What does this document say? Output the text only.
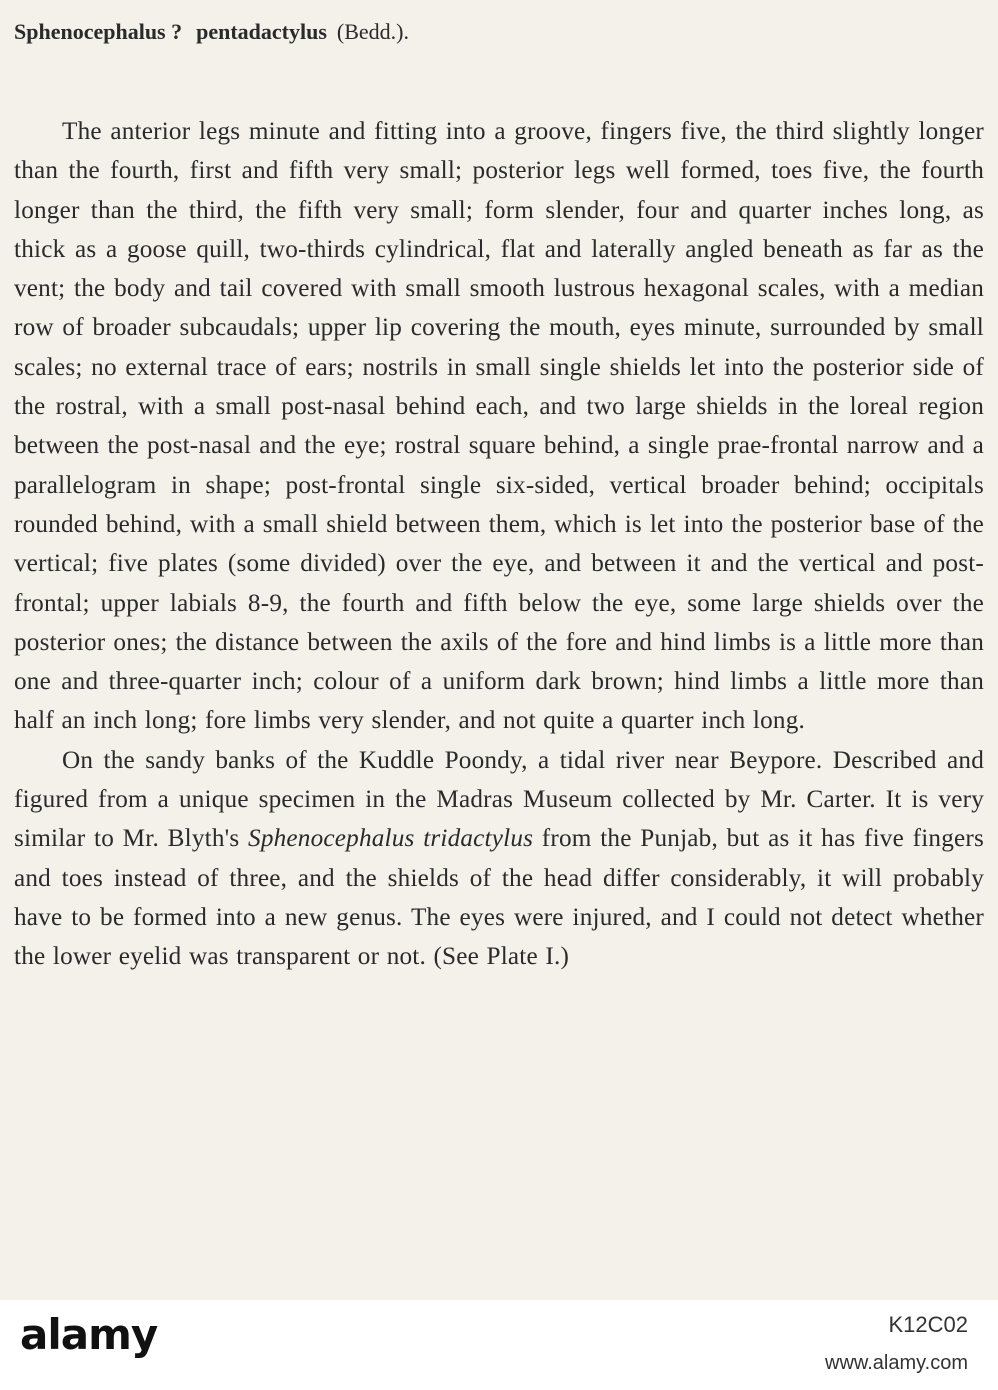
Sphenocephalus ? pentadactylus (Bedd.).

The anterior legs minute and fitting into a groove, fingers five, the third slightly longer than the fourth, first and fifth very small; posterior legs well formed, toes five, the fourth longer than the third, the fifth very small; form slender, four and quarter inches long, as thick as a goose quill, two-thirds cylindrical, flat and laterally angled beneath as far as the vent; the body and tail covered with small smooth lustrous hexagonal scales, with a median row of broader subcaudals; upper lip covering the mouth, eyes minute, surrounded by small scales; no external trace of ears; nostrils in small single shields let into the posterior side of the rostral, with a small post-nasal behind each, and two large shields in the loreal region between the post-nasal and the eye; rostral square behind, a single prae-frontal narrow and a parallelogram in shape; post-frontal single six-sided, vertical broader behind; occipitals rounded behind, with a small shield between them, which is let into the posterior base of the vertical; five plates (some divided) over the eye, and between it and the vertical and post-frontal; upper labials 8-9, the fourth and fifth below the eye, some large shields over the posterior ones; the distance between the axils of the fore and hind limbs is a little more than one and three-quarter inch; colour of a uniform dark brown; hind limbs a little more than half an inch long; fore limbs very slender, and not quite a quarter inch long.

On the sandy banks of the Kuddle Poondy, a tidal river near Beypore. Described and figured from a unique specimen in the Madras Museum collected by Mr. Carter. It is very similar to Mr. Blyth's Sphenocephalus tridactylus from the Punjab, but as it has five fingers and toes instead of three, and the shields of the head differ considerably, it will probably have to be formed into a new genus. The eyes were injured, and I could not detect whether the lower eyelid was transparent or not. (See Plate I.)

alamy	K12C02
www.alamy.com
